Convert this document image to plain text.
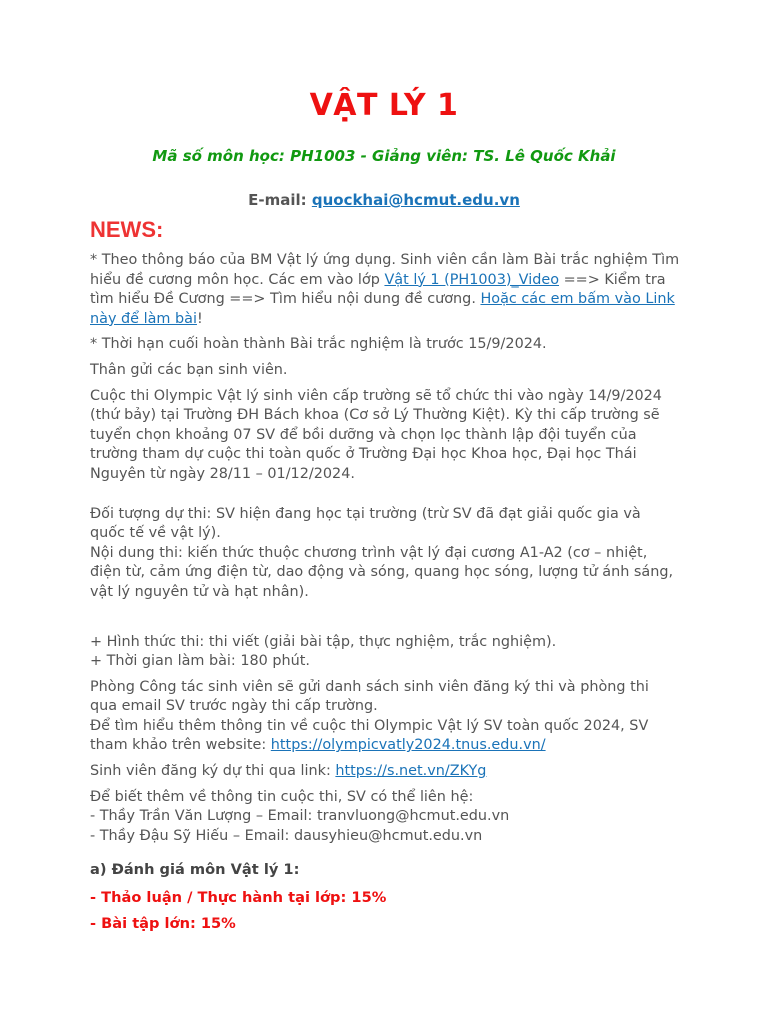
VẬT LÝ 1

Mã số môn học: PH1003 - Giảng viên: TS. Lê Quốc Khải

E-mail: quockhai@hcmut.edu.vn

NEWS:

* Theo thông báo của BM Vật lý ứng dụng. Sinh viên cần làm Bài trắc nghiệm Tìm hiểu đề cương môn học. Các em vào lớp Vật lý 1 (PH1003)_Video ==> Kiểm tra tìm hiểu Đề Cương ==> Tìm hiểu nội dung đề cương. Hoặc các em bấm vào Link này để làm bài!

* Thời hạn cuối hoàn thành Bài trắc nghiệm là trước 15/9/2024.

Thân gửi các bạn sinh viên.

Cuộc thi Olympic Vật lý sinh viên cấp trường sẽ tổ chức thi vào ngày 14/9/2024 (thứ bảy) tại Trường ĐH Bách khoa (Cơ sở Lý Thường Kiệt). Kỳ thi cấp trường sẽ tuyển chọn khoảng 07 SV để bồi dưỡng và chọn lọc thành lập đội tuyển của trường tham dự cuộc thi toàn quốc ở Trường Đại học Khoa học, Đại học Thái Nguyên từ ngày 28/11 – 01/12/2024.

Đối tượng dự thi: SV hiện đang học tại trường (trừ SV đã đạt giải quốc gia và quốc tế về vật lý).
Nội dung thi: kiến thức thuộc chương trình vật lý đại cương A1-A2 (cơ – nhiệt, điện từ, cảm ứng điện từ, dao động và sóng, quang học sóng, lượng tử ánh sáng, vật lý nguyên tử và hạt nhân).

+ Hình thức thi: thi viết (giải bài tập, thực nghiệm, trắc nghiệm).
+ Thời gian làm bài: 180 phút.

Phòng Công tác sinh viên sẽ gửi danh sách sinh viên đăng ký thi và phòng thi qua email SV trước ngày thi cấp trường.
Để tìm hiểu thêm thông tin về cuộc thi Olympic Vật lý SV toàn quốc 2024, SV tham khảo trên website: https://olympicvatly2024.tnus.edu.vn/

Sinh viên đăng ký dự thi qua link: https://s.net.vn/ZKYg

Để biết thêm về thông tin cuộc thi, SV có thể liên hệ:
- Thầy Trần Văn Lượng – Email: tranvluong@hcmut.edu.vn
- Thầy Đậu Sỹ Hiếu – Email: dausyhieu@hcmut.edu.vn

a) Đánh giá môn Vật lý 1:

- Thảo luận / Thực hành tại lớp: 15%

- Bài tập lớn: 15%
